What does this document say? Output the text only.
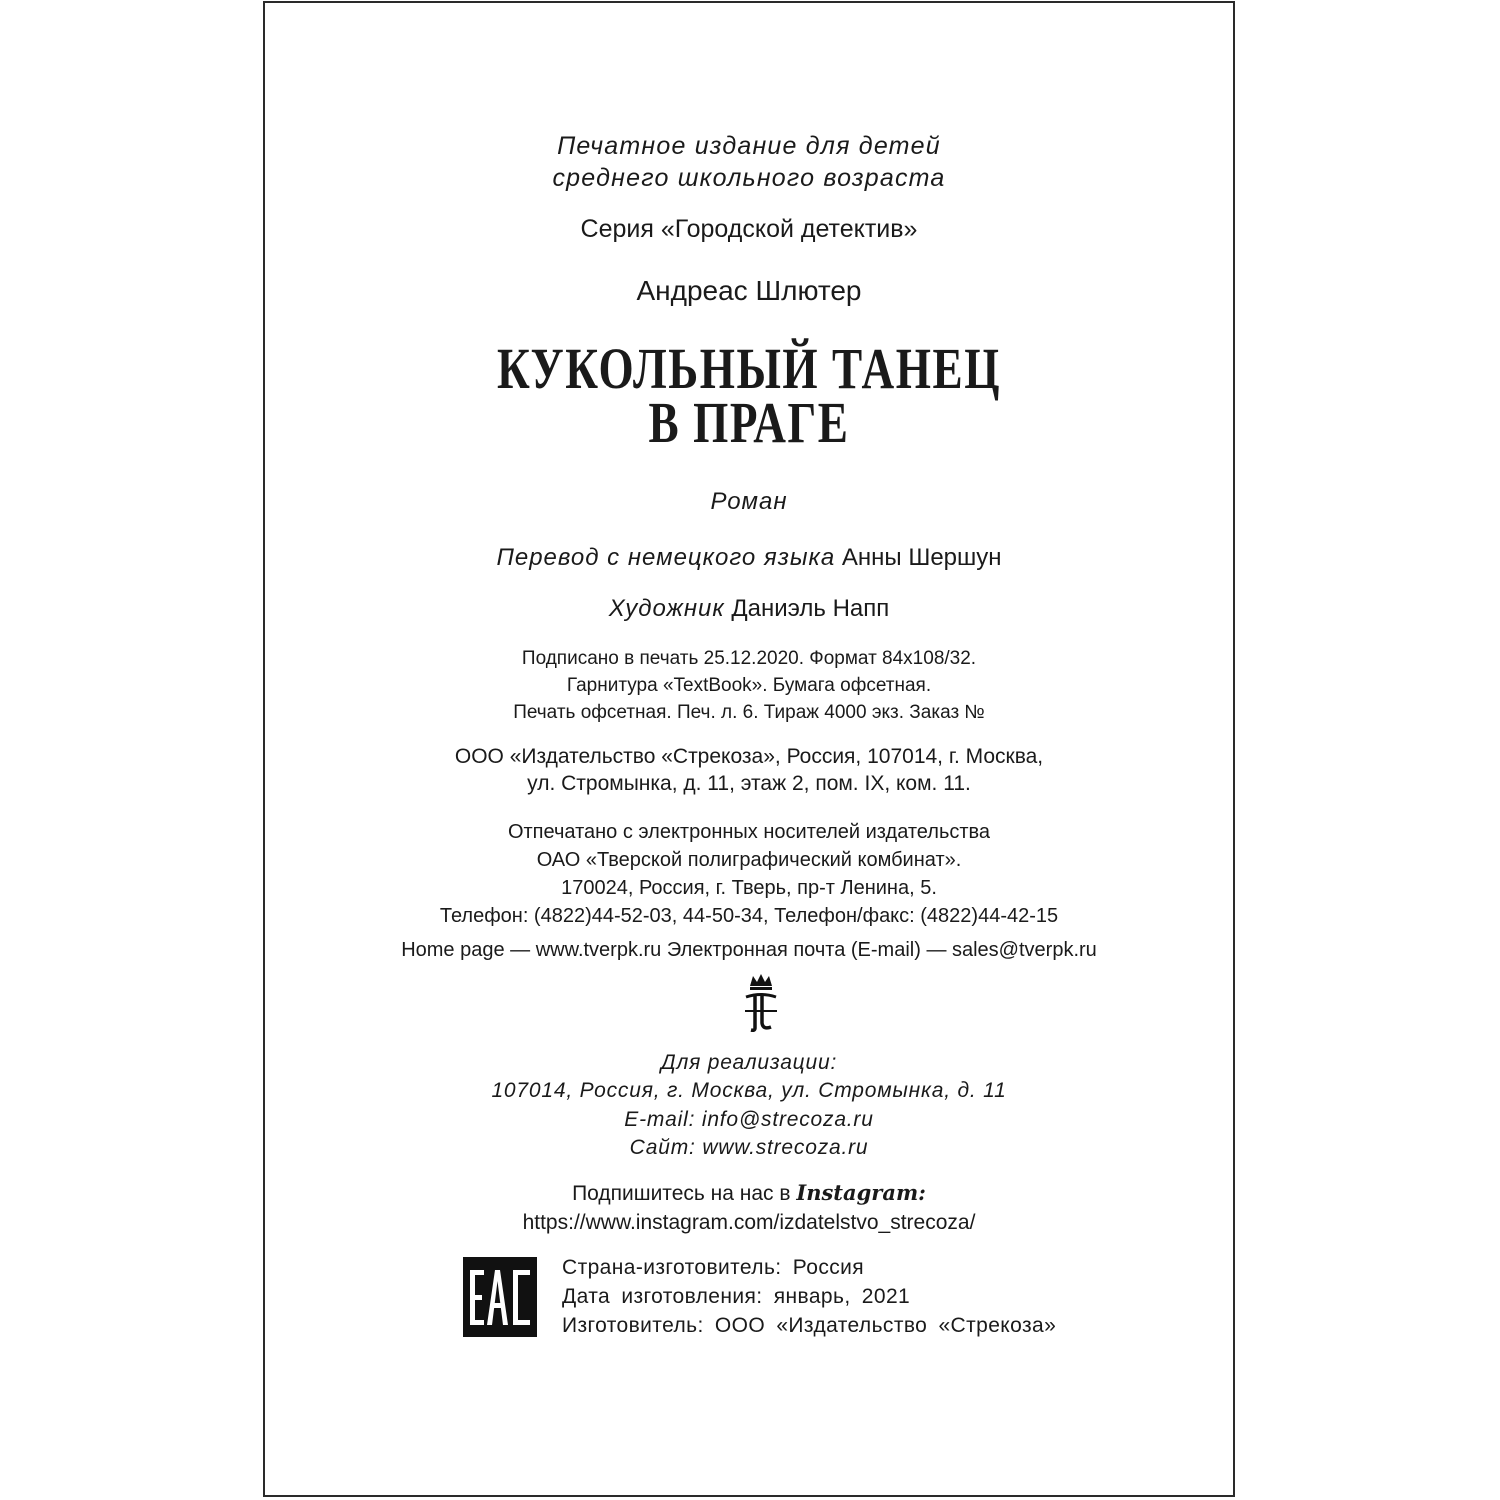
Печатное издание для детей
среднего школьного возраста
Серия «Городской детектив»
Андреас Шлютер
КУКОЛЬНЫЙ ТАНЕЦ
В ПРАГЕ
Роман
Перевод с немецкого языка Анны Шершун
Художник Даниэль Напп
Подписано в печать 25.12.2020. Формат 84х108/32.
Гарнитура «TextBook». Бумага офсетная.
Печать офсетная. Печ. л. 6. Тираж 4000 экз. Заказ №
ООО «Издательство «Стрекоза», Россия, 107014, г. Москва,
ул. Стромынка, д. 11, этаж 2, пом. IX, ком. 11.
Отпечатано с электронных носителей издательства
ОАО «Тверской полиграфический комбинат».
170024, Россия, г. Тверь, пр-т Ленина, 5.
Телефон: (4822)44-52-03, 44-50-34, Телефон/факс: (4822)44-42-15
Home page — www.tverpk.ru Электронная почта (E-mail) — sales@tverpk.ru
Для реализации:
107014, Россия, г. Москва, ул. Стромынка, д. 11
E-mail: info@strecoza.ru
Сайт: www.strecoza.ru
Подпишитесь на нас в Instagram:
https://www.instagram.com/izdatelstvo_strecoza/
Страна-изготовитель: Россия
Дата изготовления: январь, 2021
Изготовитель: ООО «Издательство «Стрекоза»
